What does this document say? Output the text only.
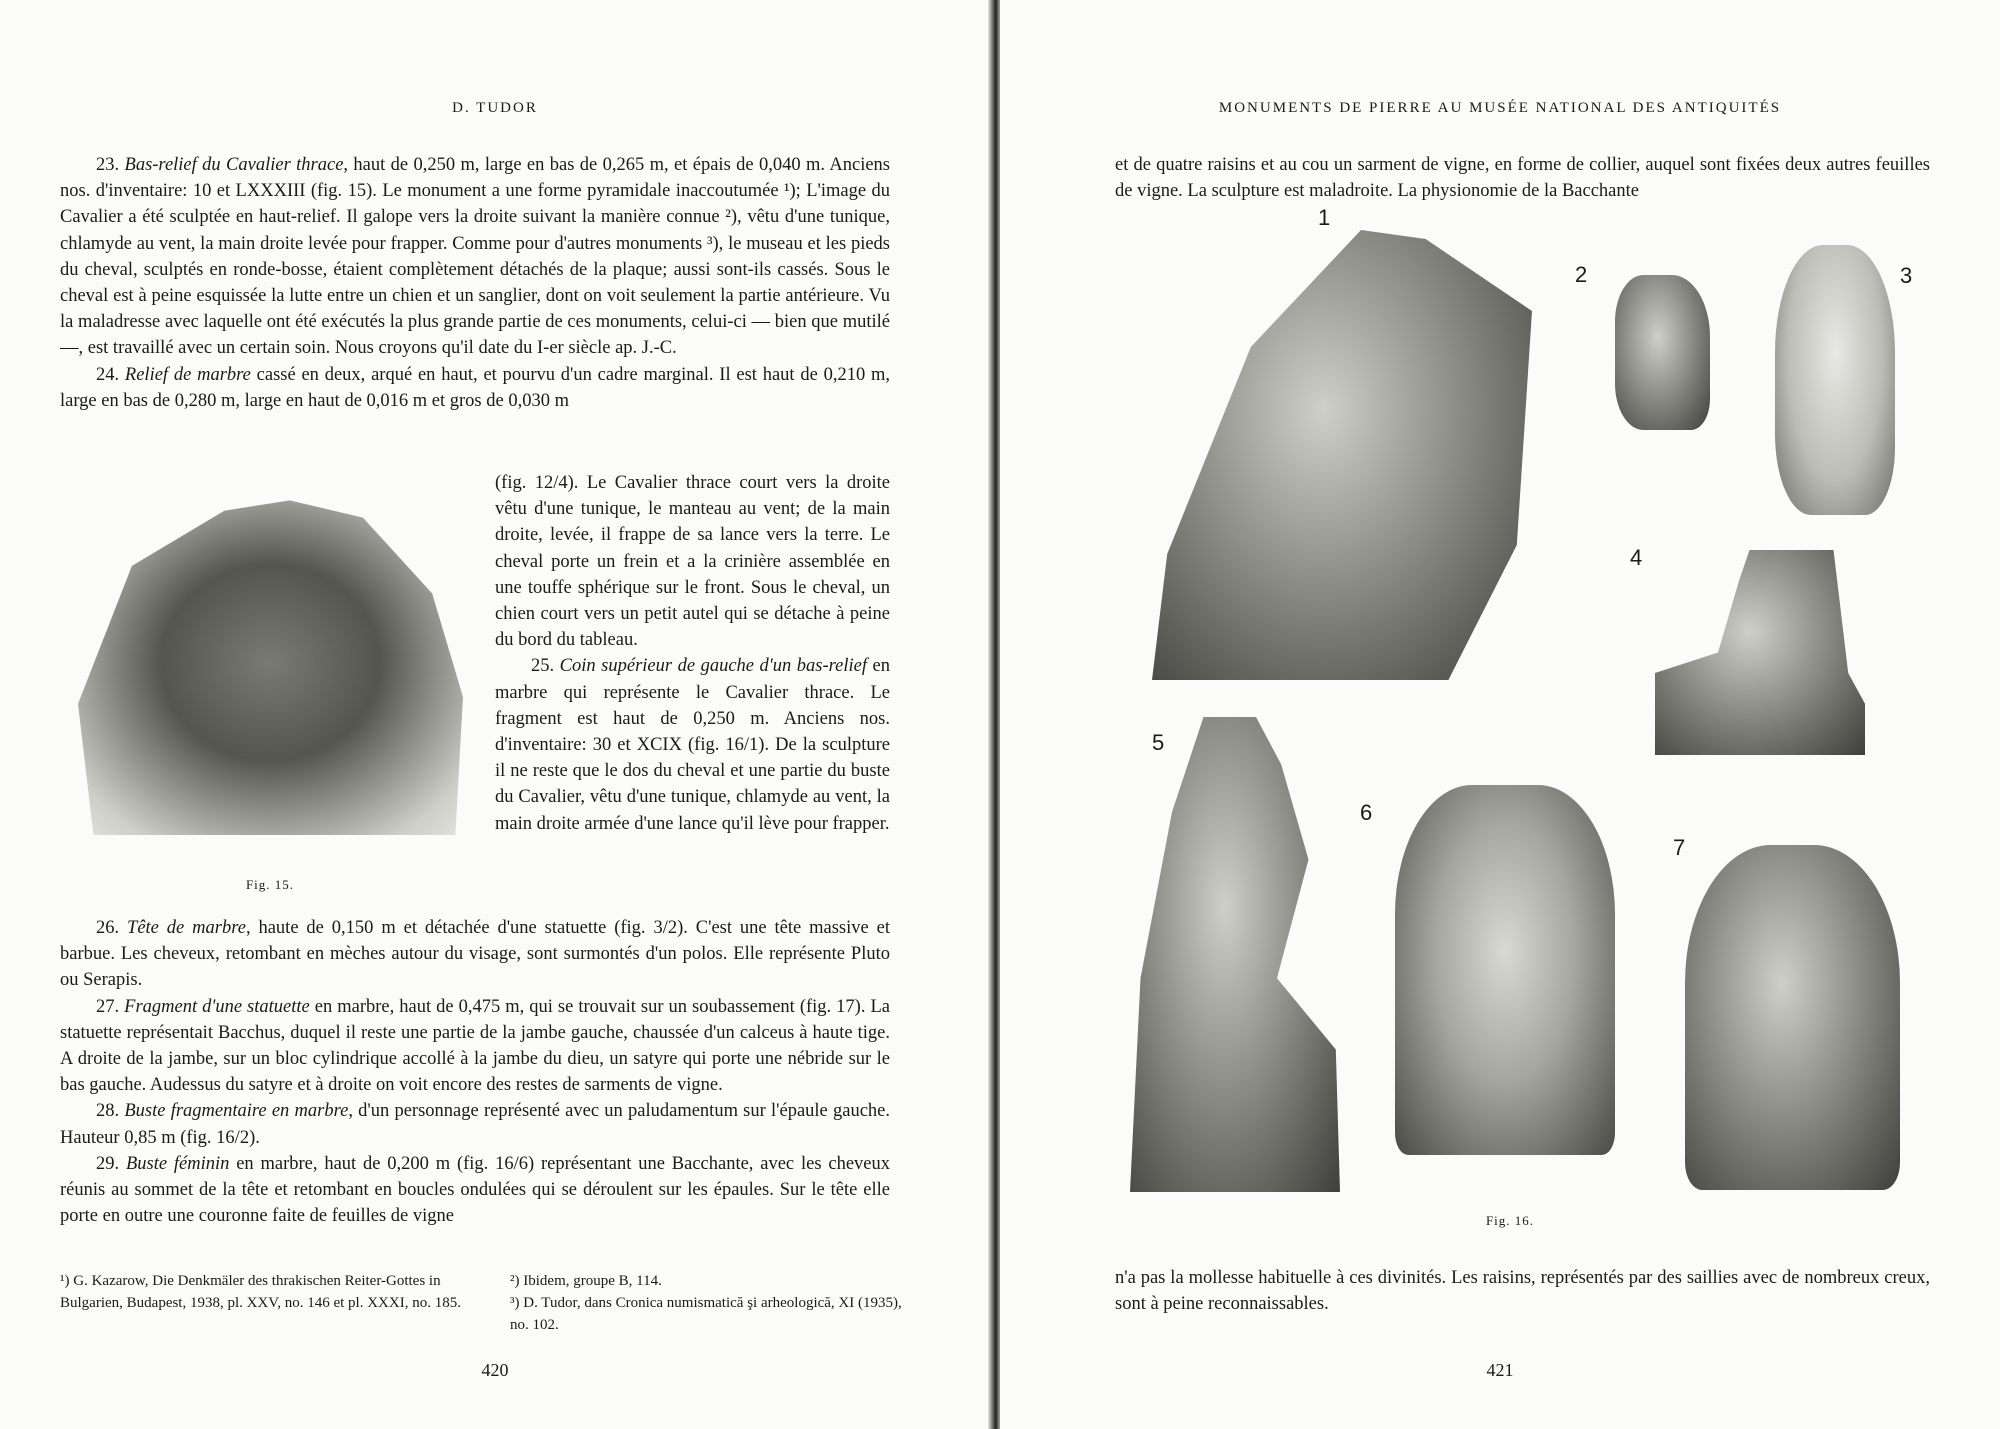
D. TUDOR

23. Bas-relief du Cavalier thrace, haut de 0,250 m, large en bas de 0,265 m, et épais de 0,040 m. Anciens nos. d'inventaire: 10 et LXXXIII (fig. 15). Le monument a une forme pyramidale inaccoutumée ¹); L'image du Cavalier a été sculptée en haut-relief. Il galope vers la droite suivant la manière connue ²), vêtu d'une tunique, chlamyde au vent, la main droite levée pour frapper. Comme pour d'autres monuments ³), le museau et les pieds du cheval, sculptés en ronde-bosse, étaient complètement détachés de la plaque; aussi sont-ils cassés. Sous le cheval est à peine esquissée la lutte entre un chien et un sanglier, dont on voit seulement la partie antérieure. Vu la maladresse avec laquelle ont été exécutés la plus grande partie de ces monuments, celui-ci — bien que mutilé —, est travaillé avec un certain soin. Nous croyons qu'il date du I-er siècle ap. J.-C.

24. Relief de marbre cassé en deux, arqué en haut, et pourvu d'un cadre marginal. Il est haut de 0,210 m, large en bas de 0,280 m, large en haut de 0,016 m et gros de 0,030 m

Fig. 15.

(fig. 12/4). Le Cavalier thrace court vers la droite vêtu d'une tunique, le manteau au vent; de la main droite, levée, il frappe de sa lance vers la terre. Le cheval porte un frein et a la crinière assemblée en une touffe sphérique sur le front. Sous le cheval, un chien court vers un petit autel qui se détache à peine du bord du tableau.

25. Coin supérieur de gauche d'un bas-relief en marbre qui représente le Cavalier thrace. Le fragment est haut de 0,250 m. Anciens nos. d'inventaire: 30 et XCIX (fig. 16/1). De la sculpture il ne reste que le dos du cheval et une partie du buste du Cavalier, vêtu d'une tunique, chlamyde au vent, la main droite armée d'une lance qu'il lève pour frapper.

26. Tête de marbre, haute de 0,150 m et détachée d'une statuette (fig. 3/2). C'est une tête massive et barbue. Les cheveux, retombant en mèches autour du visage, sont surmontés d'un polos. Elle représente Pluto ou Serapis.

27. Fragment d'une statuette en marbre, haut de 0,475 m, qui se trouvait sur un soubassement (fig. 17). La statuette représentait Bacchus, duquel il reste une partie de la jambe gauche, chaussée d'un calceus à haute tige. A droite de la jambe, sur un bloc cylindrique accollé à la jambe du dieu, un satyre qui porte une nébride sur le bas gauche. Audessus du satyre et à droite on voit encore des restes de sarments de vigne.

28. Buste fragmentaire en marbre, d'un personnage représenté avec un paludamentum sur l'épaule gauche. Hauteur 0,85 m (fig. 16/2).

29. Buste féminin en marbre, haut de 0,200 m (fig. 16/6) représentant une Bacchante, avec les cheveux réunis au sommet de la tête et retombant en boucles ondulées qui se déroulent sur les épaules. Sur le tête elle porte en outre une couronne faite de feuilles de vigne

¹) G. Kazarow, Die Denkmäler des thrakischen Reiter-Gottes in Bulgarien, Budapest, 1938, pl. XXV, no. 146 et pl. XXXI, no. 185.

²) Ibidem, groupe B, 114.

³) D. Tudor, dans Cronica numismatică şi arheologică, XI (1935), no. 102.

420
MONUMENTS DE PIERRE AU MUSÉE NATIONAL DES ANTIQUITÉS

et de quatre raisins et au cou un sarment de vigne, en forme de collier, auquel sont fixées deux autres feuilles de vigne. La sculpture est maladroite. La physionomie de la Bacchante

1
2	3
4
5
6
7
Fig. 16.

n'a pas la mollesse habituelle à ces divinités. Les raisins, représentés par des saillies avec de nombreux creux, sont à peine reconnaissables.

421
